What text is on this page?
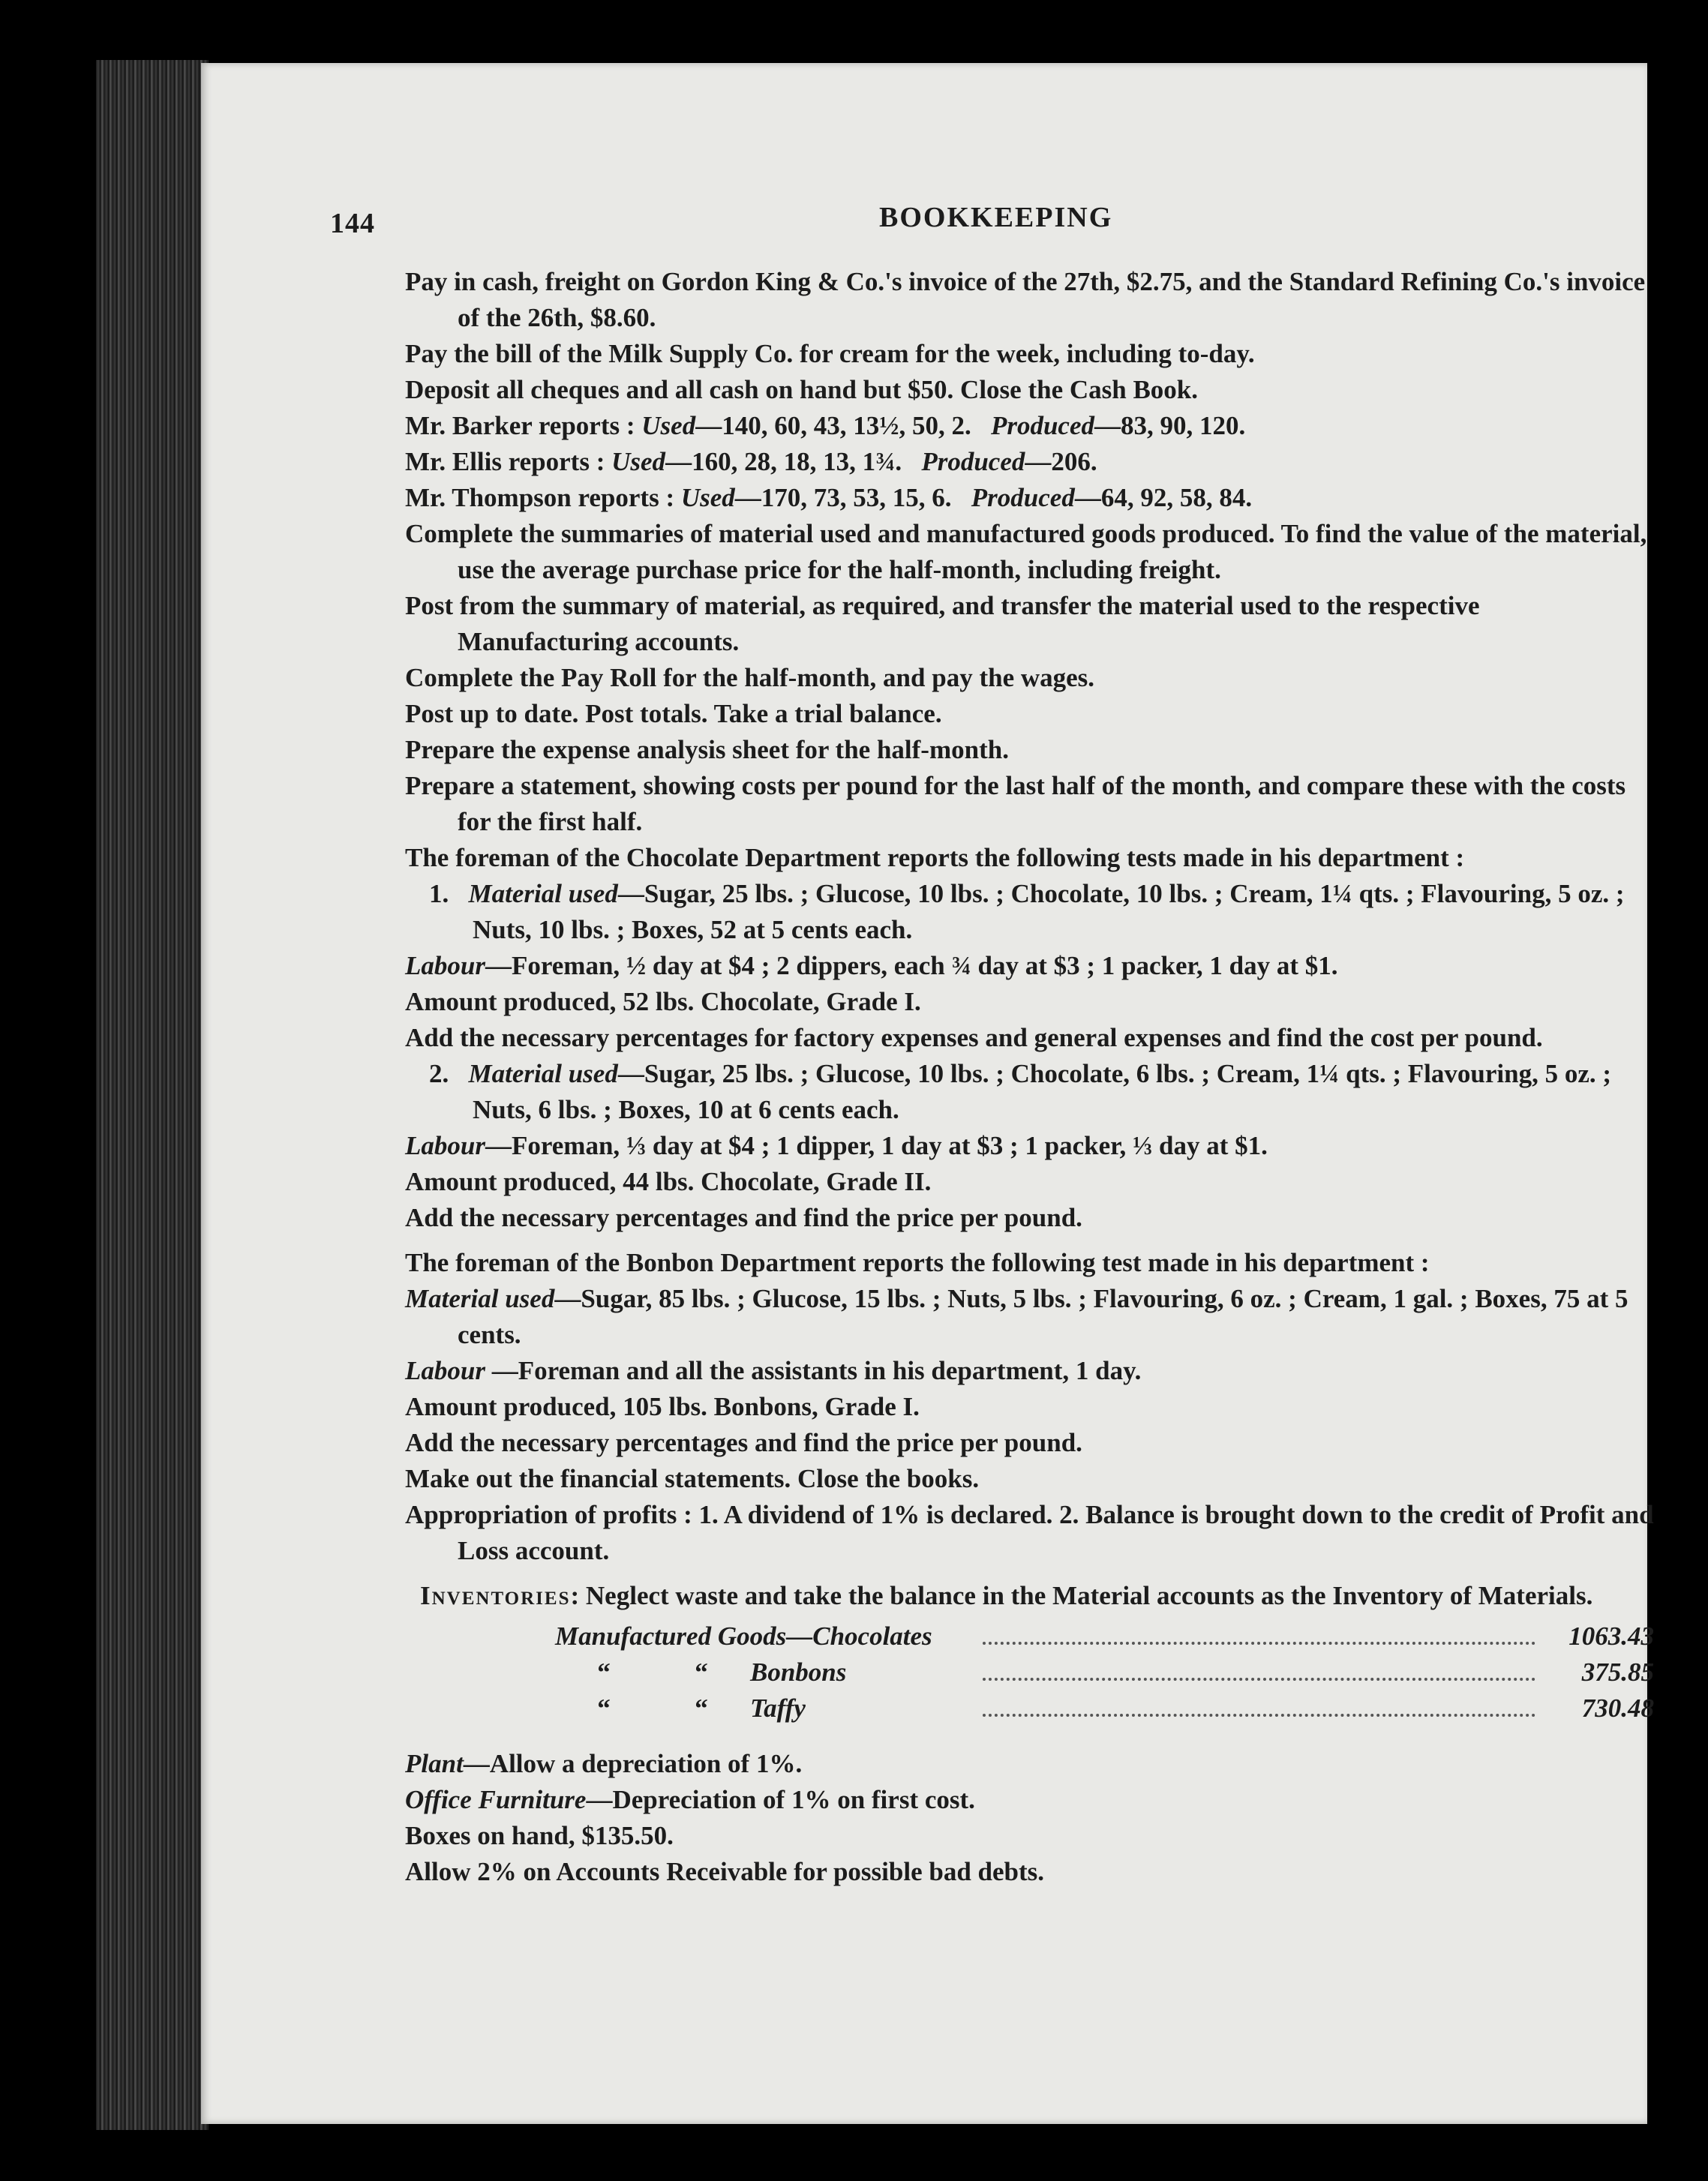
144	BOOKKEEPING

Pay in cash, freight on Gordon King & Co.'s invoice of the 27th, $2.75, and the Standard Refining Co.'s invoice of the 26th, $8.60.

Pay the bill of the Milk Supply Co. for cream for the week, including to-day.

Deposit all cheques and all cash on hand but $50. Close the Cash Book.

Mr. Barker reports : Used—140, 60, 43, 13½, 50, 2. Produced—83, 90, 120.

Mr. Ellis reports : Used—160, 28, 18, 13, 1¾. Produced—206.

Mr. Thompson reports : Used—170, 73, 53, 15, 6. Produced—64, 92, 58, 84.

Complete the summaries of material used and manufactured goods produced. To find the value of the material, use the average purchase price for the half-month, including freight.

Post from the summary of material, as required, and transfer the material used to the respective Manufacturing accounts.

Complete the Pay Roll for the half-month, and pay the wages.

Post up to date. Post totals. Take a trial balance.

Prepare the expense analysis sheet for the half-month.

Prepare a statement, showing costs per pound for the last half of the month, and compare these with the costs for the first half.

The foreman of the Chocolate Department reports the following tests made in his department :

1. Material used—Sugar, 25 lbs. ; Glucose, 10 lbs. ; Chocolate, 10 lbs. ; Cream, 1¼ qts. ; Flavouring, 5 oz. ; Nuts, 10 lbs. ; Boxes, 52 at 5 cents each.

Labour—Foreman, ½ day at $4 ; 2 dippers, each ¾ day at $3 ; 1 packer, 1 day at $1.

Amount produced, 52 lbs. Chocolate, Grade I.

Add the necessary percentages for factory expenses and general expenses and find the cost per pound.

2. Material used—Sugar, 25 lbs. ; Glucose, 10 lbs. ; Chocolate, 6 lbs. ; Cream, 1¼ qts. ; Flavouring, 5 oz. ; Nuts, 6 lbs. ; Boxes, 10 at 6 cents each.

Labour—Foreman, ⅓ day at $4 ; 1 dipper, 1 day at $3 ; 1 packer, ⅓ day at $1.

Amount produced, 44 lbs. Chocolate, Grade II.

Add the necessary percentages and find the price per pound.

The foreman of the Bonbon Department reports the following test made in his department :

Material used—Sugar, 85 lbs. ; Glucose, 15 lbs. ; Nuts, 5 lbs. ; Flavouring, 6 oz. ; Cream, 1 gal. ; Boxes, 75 at 5 cents.

Labour —Foreman and all the assistants in his department, 1 day.

Amount produced, 105 lbs. Bonbons, Grade I.

Add the necessary percentages and find the price per pound.

Make out the financial statements. Close the books.

Appropriation of profits : 1. A dividend of 1% is declared. 2. Balance is brought down to the credit of Profit and Loss account.

Inventories: Neglect waste and take the balance in the Material accounts as the Inventory of Materials.

Manufactured Goods—Chocolates	1063.43
“	“	Bonbons	375.85
“	“	Taffy	730.48

Plant—Allow a depreciation of 1%.

Office Furniture—Depreciation of 1% on first cost.

Boxes on hand, $135.50.

Allow 2% on Accounts Receivable for possible bad debts.
